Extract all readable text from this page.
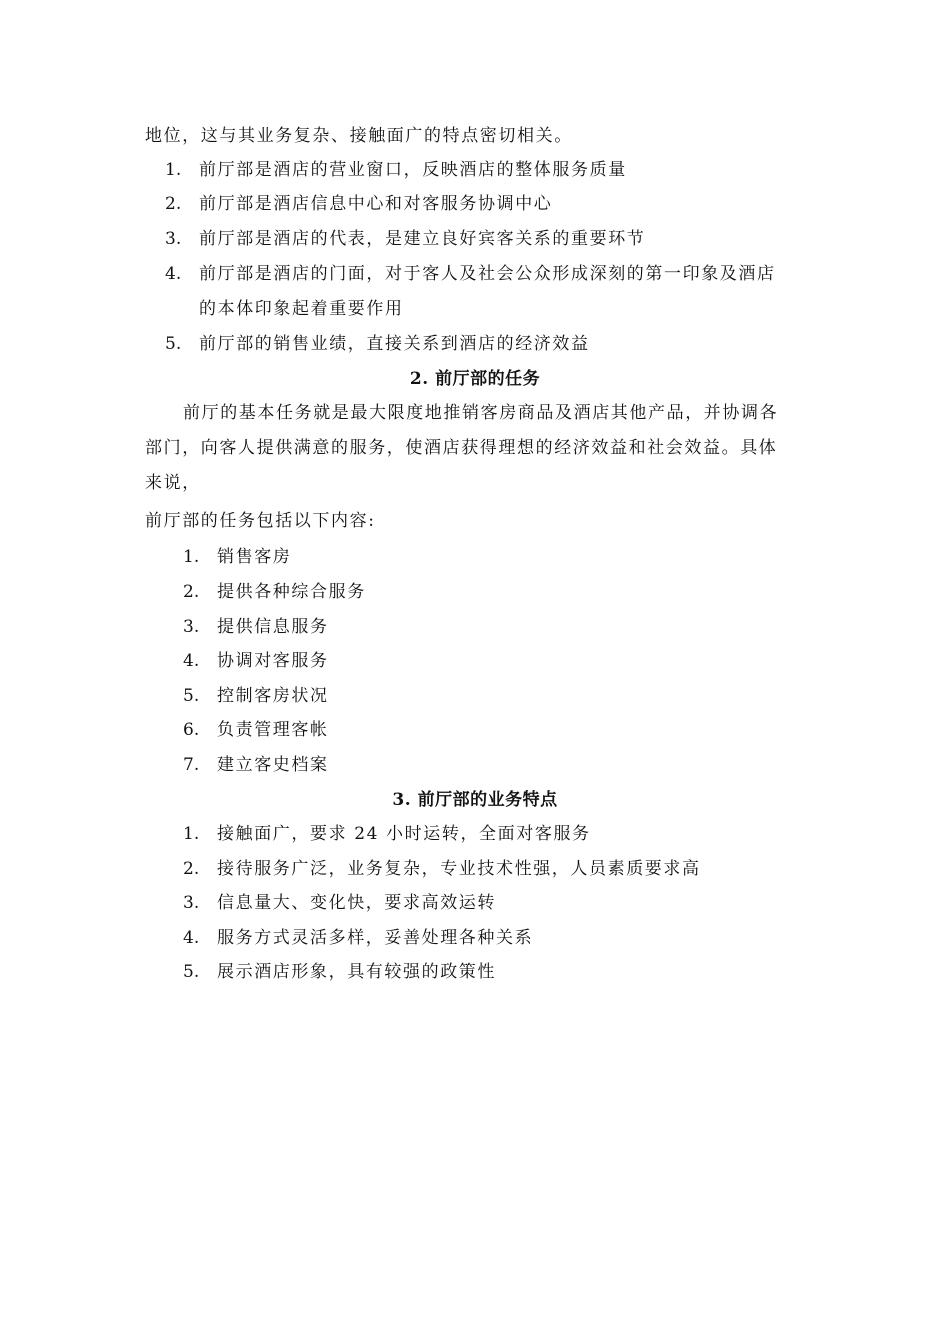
地位，这与其业务复杂、接触面广的特点密切相关。
1. 前厅部是酒店的营业窗口，反映酒店的整体服务质量
2. 前厅部是酒店信息中心和对客服务协调中心
3. 前厅部是酒店的代表，是建立良好宾客关系的重要环节
4. 前厅部是酒店的门面，对于客人及社会公众形成深刻的第一印象及酒店
的本体印象起着重要作用
5. 前厅部的销售业绩，直接关系到酒店的经济效益
2. 前厅部的任务
前厅的基本任务就是最大限度地推销客房商品及酒店其他产品，并协调各
部门，向客人提供满意的服务，使酒店获得理想的经济效益和社会效益。具体
来说，
前厅部的任务包括以下内容:
1. 销售客房
2. 提供各种综合服务
3. 提供信息服务
4. 协调对客服务
5. 控制客房状况
6. 负责管理客帐
7. 建立客史档案
3. 前厅部的业务特点
1. 接触面广，要求 24 小时运转，全面对客服务
2. 接待服务广泛，业务复杂，专业技术性强，人员素质要求高
3. 信息量大、变化快，要求高效运转
4. 服务方式灵活多样，妥善处理各种关系
5. 展示酒店形象，具有较强的政策性
